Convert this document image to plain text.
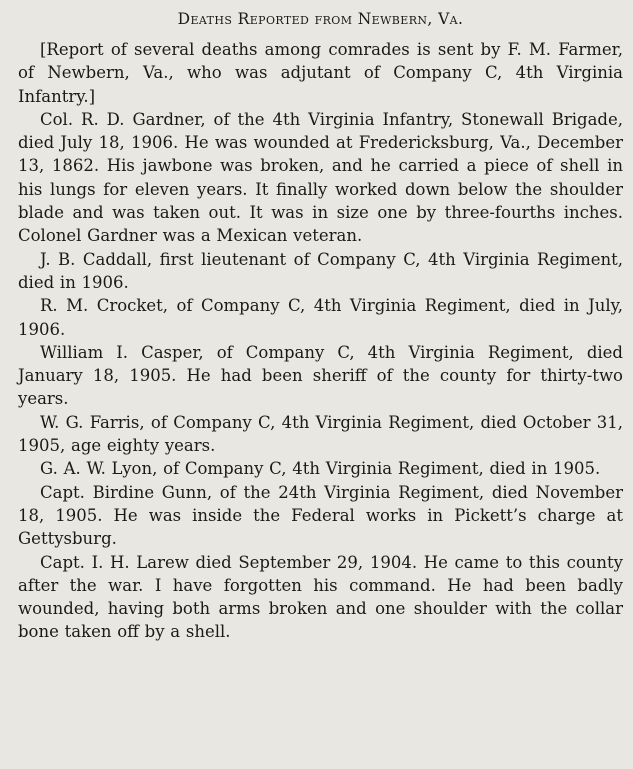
Deaths Reported from Newbern, Va.

[Report of several deaths among comrades is sent by F. M. Farmer, of Newbern, Va., who was adjutant of Company C, 4th Virginia Infantry.]

Col. R. D. Gardner, of the 4th Virginia Infantry, Stonewall Brigade, died July 18, 1906. He was wounded at Fredericksburg, Va., December 13, 1862. His jawbone was broken, and he carried a piece of shell in his lungs for eleven years. It finally worked down below the shoulder blade and was taken out. It was in size one by three-fourths inches. Colonel Gardner was a Mexican veteran.

J. B. Caddall, first lieutenant of Company C, 4th Virginia Regiment, died in 1906.

R. M. Crocket, of Company C, 4th Virginia Regiment, died in July, 1906.

William I. Casper, of Company C, 4th Virginia Regiment, died January 18, 1905. He had been sheriff of the county for thirty-two years.

W. G. Farris, of Company C, 4th Virginia Regiment, died October 31, 1905, age eighty years.

G. A. W. Lyon, of Company C, 4th Virginia Regiment, died in 1905.

Capt. Birdine Gunn, of the 24th Virginia Regiment, died November 18, 1905. He was inside the Federal works in Pickett’s charge at Gettysburg.

Capt. I. H. Larew died September 29, 1904. He came to this county after the war. I have forgotten his command. He had been badly wounded, having both arms broken and one shoulder with the collar bone taken off by a shell.
